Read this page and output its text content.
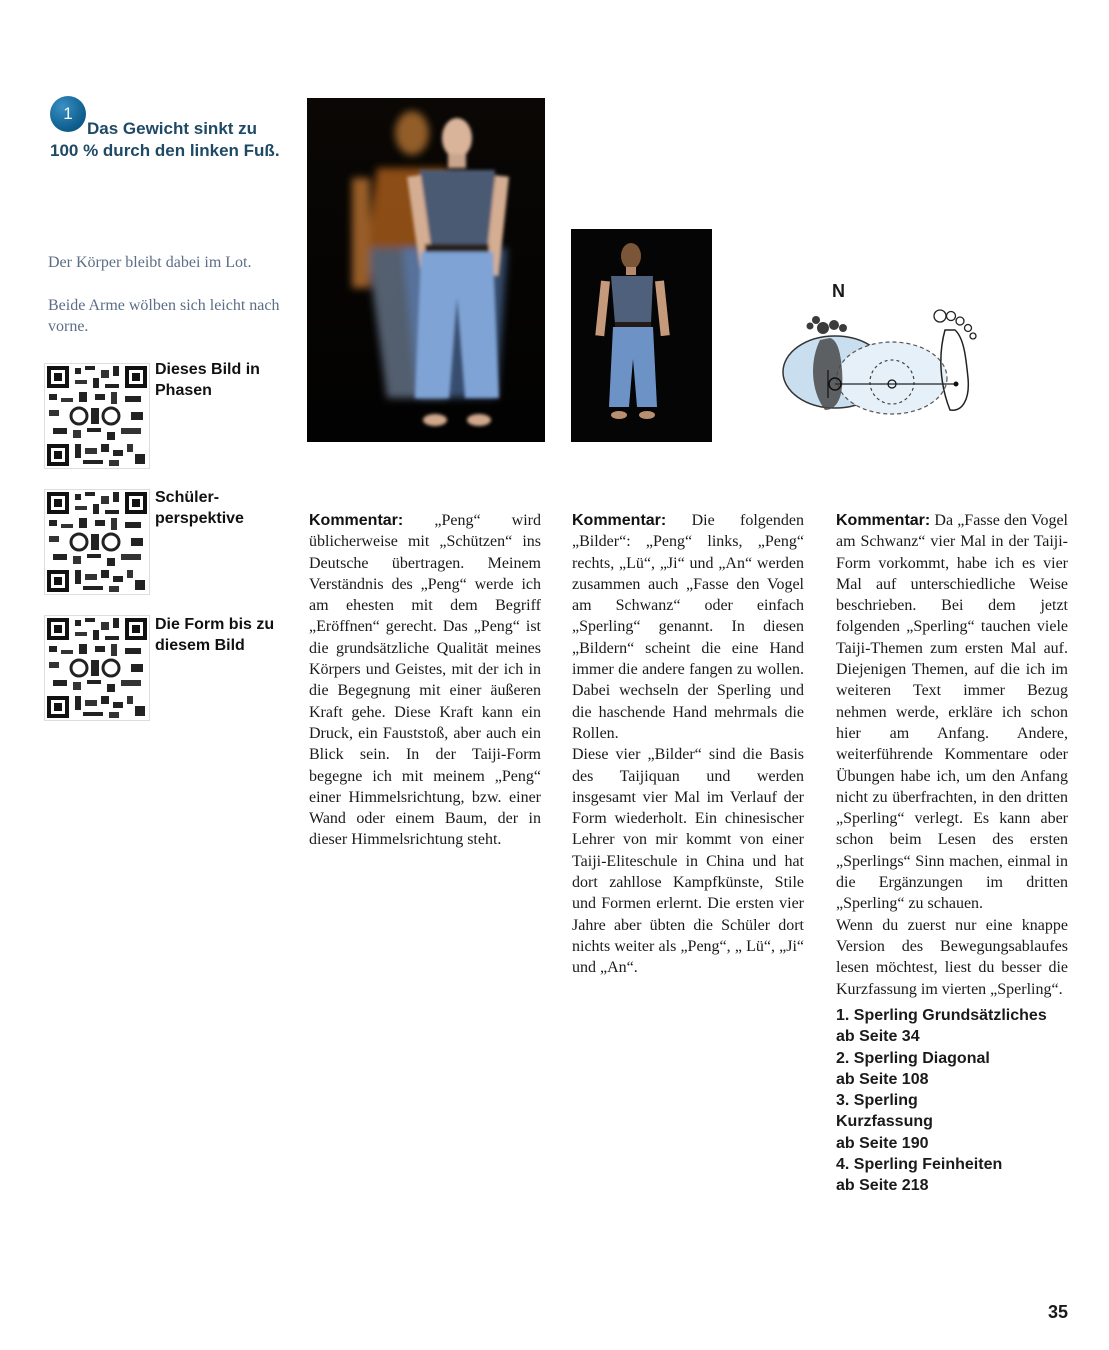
1
Das Gewicht sinkt zu 100 % durch den linken Fuß.
Der Körper bleibt dabei im Lot.
Beide Arme wölben sich leicht nach vorne.
Dieses Bild in Phasen
Schüler-perspektive
Die Form bis zu diesem Bild
N

Kommentar: „Peng“ wird üblicherweise mit „Schützen“ ins Deutsche übertragen. Meinem Verständnis des „Peng“ werde ich am ehesten mit dem Begriff „Eröffnen“ gerecht. Das „Peng“ ist die grundsätzliche Qualität meines Körpers und Geistes, mit der ich in die Begegnung mit einer äußeren Kraft gehe. Diese Kraft kann ein Druck, ein Fauststoß, aber auch ein Blick sein. In der Taiji-Form begegne ich mit meinem „Peng“ einer Himmelsrichtung, bzw. einer Wand oder einem Baum, der in dieser Himmelsrichtung steht.

Kommentar: Die folgenden „Bilder“: „Peng“ links, „Peng“ rechts, „Lü“, „Ji“ und „An“ werden zusammen auch „Fasse den Vogel am Schwanz“ oder einfach „Sperling“ genannt. In diesen „Bildern“ scheint die eine Hand immer die andere fangen zu wollen. Dabei wechseln der Sperling und die haschende Hand mehrmals die Rollen.

Diese vier „Bilder“ sind die Basis des Taijiquan und werden insgesamt vier Mal im Verlauf der Form wiederholt. Ein chinesischer Lehrer von mir kommt von einer Taiji-Eliteschule in China und hat dort zahllose Kampfkünste, Stile und Formen erlernt. Die ersten vier Jahre aber übten die Schüler dort nichts weiter als „Peng“, „ Lü“, „Ji“ und „An“.

Kommentar: Da „Fasse den Vogel am Schwanz“ vier Mal in der Taiji-Form vorkommt, habe ich es vier Mal auf unterschiedliche Weise beschrieben. Bei dem jetzt folgenden „Sperling“ tauchen viele Taiji-Themen zum ersten Mal auf. Diejenigen Themen, auf die ich im weiteren Text immer Bezug nehmen werde, erkläre ich schon hier am Anfang. Andere, weiterführende Kommentare oder Übungen habe ich, um den Anfang nicht zu überfrachten, in den dritten „Sperling“ verlegt. Es kann aber schon beim Lesen des ersten „Sperlings“ Sinn machen, einmal in die Ergänzungen im dritten „Sperling“ zu schauen.

Wenn du zuerst nur eine knappe Version des Bewegungsablaufes lesen möchtest, liest du besser die Kurzfassung im vierten „Sperling“.

1. Sperling Grundsätzliches
ab Seite 34
2. Sperling Diagonal
ab Seite 108
3. Sperling
Kurzfassung
ab Seite 190
4. Sperling Feinheiten
ab Seite 218
35
